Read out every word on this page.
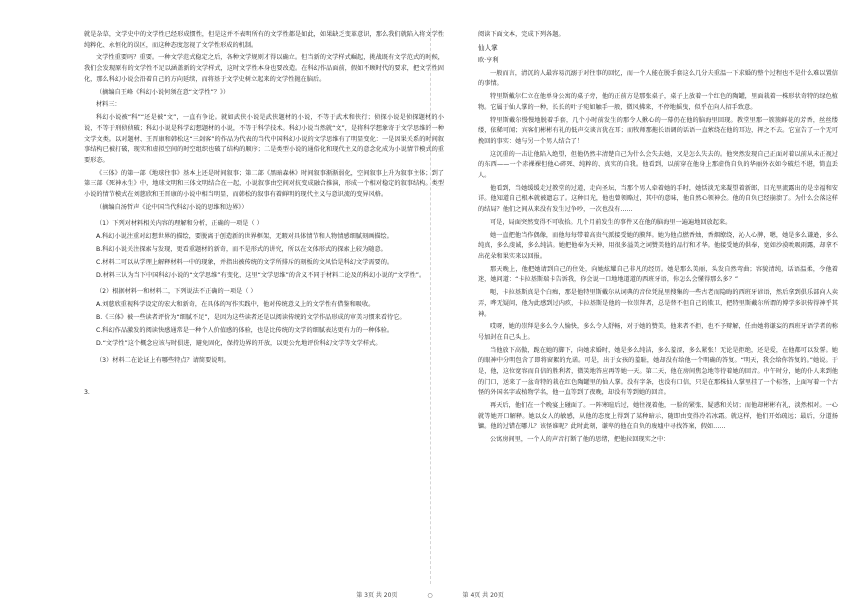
就是杂草，文学史中的文学性已经形成惯性，但是这并不表明所有的文学性都是如此，如果缺乏变革意识，那么我们就陷入将文学性纯粹化、永恒化的误区，而这种态度忽视了文学性形成的机制。

文学性重要吗？重要。一种文学范式稳定之后，各种文学规则才得以确立。但当新的文学样式崛起，挑战既有文学范式的时候，我们会发现原有的文学性不足以涵盖新的文学样式，这时文学性本身也要改造。在科幻作品面前，假如不顾时代的要求，把文学性固化，那么科幻小说会沿着自己的方向延续，而将基于文学史树立起来的文学性抛在脑后。

（摘编自王峰《科幻小说何须在意“文学性”？》）

材料三：

科幻小说被“科”“还是被“文”，一直有争论。就如武侠小说是武侠题材的小说，不等于武术和侠行；侦探小说是侦探题材的小说，不等于刑侦侦破；科幻小说是科学幻想题材的小说，不等于科学技术。科幻小说当然就“文”，是将科学想象寄于文学思维的一种文学文类。以对题材、王晋康和韩松这“三剑客”的作品为代表的当代中国科幻小说的文学思维有了明显变化：一是因果关系的时间叙事结构已被打破，现实和虚拟空间的时空组织也破了结构的顺序；二是类型小说的通俗化和现代主义的意念化成为小说情节模式的重要形态。

《三体》的第一部《地球往事》基本上还是时间叙事；第二部《黑暗森林》时间叙事渐渐弱化，空间叙事上升为叙事主体；到了第三部《死神永生》中，地球文明和三体文明结合在一起，小说叙事由空间对抗变成融合推演，形成一个相对稳定的叙事结构。类型小说的情节模式在刘慈欣和王晋康的小说中相当明显，而韩松的叙事有着鲜明的现代主义与意识流的变异风格。

（摘编自汤哲声《论中国当代科幻小说的思维和边界》）

（1）下列对材料相关内容的理解和分析，正确的一项是（ ）

A.科幻小说注重对幻想世界的描绘，要脱离于创造新的世界框架，无暇对具体情节和人物情感细腻刻画描绘。

B.科幻小说关注探索与发现，更看重题材的新奇，而不是形式的讲究，所以在文体形式的探索上较为随意。

C.材料二可以从学理上解释材料一中的现象，并指出被传统的文学所排斥的刻板的文风恰是科幻文学需要的。

D.材料三认为当下中国科幻小说的“文学思维”有变化，这里“文学思维”的含义不同于材料二论及的科幻小说的“文学性”。

（2）根据材料一和材料二，下列说法不正确的一项是（ ）

A.刘慈欣重视科学设定的宏大和新奇，在具体的写作实践中，他对传统意义上的文学性有借鉴和吸收。

B.《三体》被一些读者评价为“细腻不足”，是因为这些读者还是以阅读传统的文学作品形成的审美习惯来看待它。

C.科幻作品激发的阅读快感通常是一种个人价值感的体验，也是比传统的文学的细腻表达更有力的一种体验。

D.“文学性”这个概念应该与时俱进，避免固化，保持边界的开放，以更公允地评价科幻文学等文学样式。

（3）材料二在论证上有哪些特点？请简要说明。

3.

阅读下面文本，完成下列各题。

仙人掌

欧·亨利

一般而言，清沉的人最容易沉溺于对往事的回忆，而一个人能在脱手套这么几分夫重温一下求婚的整个过程也不是什么难以置信的事情。

特里斯戴尔仁立在他单身公寓的桌子旁，他的正前方是那张桌子，桌子上放着一个红色的陶罐，里面栽着一株形状奇特的绿色植物。它属于仙人掌的一种，长长的叶子宛如触手一般，微风拂来，不停地摇曳，似乎在向人招手致意。

特里斯戴尔慢慢地脱着手套，几个小时前发生的那令人揪心的一幕仍在他的脑海里回现。教堂里那一簇簇鲜花的芳香，丝丝缕缕，依稀可闻；宾客们彬彬有礼的低声交谈言犹在耳；而牧师那拖长语调的话语一直萦绕在他的耳边，挥之不去。它宣告了一个无可挽回的事实：她与另一个男人结合了！

这沉重的一击让他陷入绝望，但他仍然丰清楚自己为什么会失去她，又是怎么失去的。他突然发现自己正面对着以前从未正视过的东西——一个赤裸裸但他心碎死、纯粹的、真实的自我。他看到，以前穿在他身上那虚伪自负的华丽外衣如今破烂不堪，简直丢人。

他看到，当她缓缓走过教堂的过道，走向圣坛，当那个男人牵着她的手时，她恬淡无来凝望着新郎，目光里流露出的是幸福和安详。他知道自己根本就被遗忘了。这种目光，他也曾领略过，其中的意味，他自然心领神会。他的自负已经崩溃了。为什么会落这样的结局？他们之间从来没有发生过争吵，一次也没有……

可是，局面突然变得不可收拾。几个月前发生的事件又在他的脑海里一遍遍地回放起来。

她一直把他当作偶像，而他每每带着高贵气派接受她的膜拜。她为他点燃香烛，香烟缭绕，沁人心脾，嗯，她是多么谦逊，多么纯真，多么虔诚，多么纯洁。她把他奉为天神，用很多溢美之词赞美他的品行和才华。他接受她的供奉，宽如沙漠吮吸雨露，却拿不出花朵和果实来以回报。

那天晚上，他把她请到自己的住处，向她炫耀自己非凡的经历。她是那么美丽，头发自然弯曲；容貌清纯，话语温柔，令他着迷，她问道：“卡拉基斯瑞卡告诉我，你会说一口地地道道的西班牙语，你怎么会懂得那么多？”

呃，卡拉基斯真是个白痴，那是他特里斯戴尔从词典的音位凭昆里搜集的一些古老而隐晦的西班牙谚语，然后拿到俱乐部向人卖弄，哗无疑问，他为此感到过内疚，卡拉基斯是他的一位崇拜者，总是替不但自己的欺卫，把特里斯戴尔所谓的博学多识传得神乎其神。

哎呀，她的崇拜是多么令人愉快，多么令人舒畅，对于她的赞美，他来者不拒，也不予辩解，任由她将谦妄的西班牙语学者的称号加封在自己头上。

当他放下高傲，跪在她的脚下，向她求婚时，她是多么纯洁，多么羞涩，多么紧张！无论是拒绝，还是爱，在他都可以发誓。她的眼神中分明包含了即将窗絮的允诺。可是，出于女孩的羞耻，她却没有给他一个明确的答复。“明天，我会给你答复的。”她说。于是，他，这位宽容而自信的胜利者，微笑地答应再等她一天。第二天，他在房间焦急地等待着她的回音。中午时分，她的仆人来到他的门口，送来了一盆奇特的栽在红色陶罐里的仙人掌。没有字条，也没有口信，只是在那株仙人掌里挂了一个标签，上面写着一个古怪的外国名字或植物学名，他一直等到了夜晚，却没有等到她的回音。

再天后，他们在一个晚宴上碰面了。一阵寒暄后过，她往视着他，一脸的紧张、疑惑和关切；而他却彬彬有礼，淡然相对。一心就等她开口解释。她以女人的敏感，从他的态度上得到了某种暗示，随即由变得冷若冰霜。就这样，他们开始疏远；最后，分道扬镳。他的过错在哪儿？该怪谁呢？此时此刻，谦卑的他在自负的废墟中寻找答案，假如……

公寓房间里，一个人的声音打断了他的思绪，把他拉回现实之中：

第 3页 共 20页	○	第 4页 共 20页
